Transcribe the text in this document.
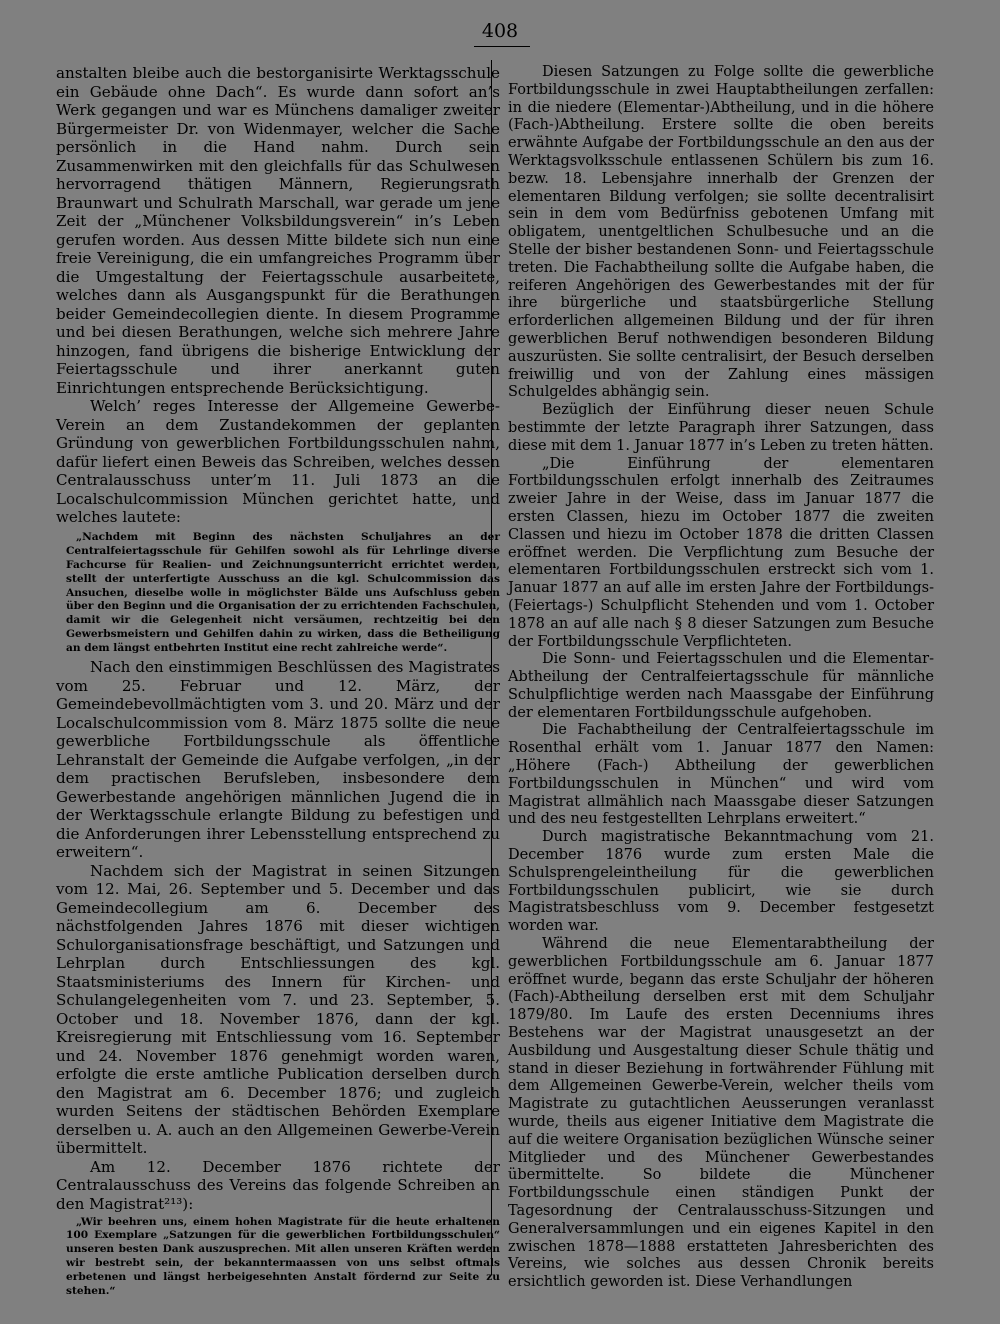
408

anstalten bleibe auch die bestorganisirte Werktagsschule ein Gebäude ohne Dach“. Es wurde dann sofort an’s Werk gegangen und war es Münchens damaliger zweiter Bürgermeister Dr. von Widenmayer, welcher die Sache persönlich in die Hand nahm. Durch sein Zusammenwirken mit den gleichfalls für das Schulwesen hervorragend thätigen Männern, Regierungsrath Braunwart und Schulrath Marschall, war gerade um jene Zeit der „Münchener Volksbildungsverein“ in’s Leben gerufen worden. Aus dessen Mitte bildete sich nun eine freie Vereinigung, die ein umfangreiches Programm über die Umgestaltung der Feiertagsschule ausarbeitete, welches dann als Ausgangspunkt für die Berathungen beider Gemeindecollegien diente. In diesem Programme und bei diesen Berathungen, welche sich mehrere Jahre hinzogen, fand übrigens die bisherige Entwicklung der Feiertagsschule und ihrer anerkannt guten Einrichtungen entsprechende Berücksichtigung.

Welch’ reges Interesse der Allgemeine Gewerbe-Verein an dem Zustandekommen der geplanten Gründung von gewerblichen Fortbildungsschulen nahm, dafür liefert einen Beweis das Schreiben, welches dessen Centralausschuss unter’m 11. Juli 1873 an die Localschulcommission München gerichtet hatte, und welches lautete:

„Nachdem mit Beginn des nächsten Schuljahres an der Centralfeiertagsschule für Gehilfen sowohl als für Lehrlinge diverse Fachcurse für Realien- und Zeichnungsunterricht errichtet werden, stellt der unterfertigte Ausschuss an die kgl. Schulcommission das Ansuchen, dieselbe wolle in möglichster Bälde uns Aufschluss geben über den Beginn und die Organisation der zu errichtenden Fachschulen, damit wir die Gelegenheit nicht versäumen, rechtzeitig bei den Gewerbsmeistern und Gehilfen dahin zu wirken, dass die Betheiligung an dem längst entbehrten Institut eine recht zahlreiche werde“.

Nach den einstimmigen Beschlüssen des Magistrates vom 25. Februar und 12. März, der Gemeindebevollmächtigten vom 3. und 20. März und der Localschulcommission vom 8. März 1875 sollte die neue gewerbliche Fortbildungsschule als öffentliche Lehranstalt der Gemeinde die Aufgabe verfolgen, „in der dem practischen Berufsleben, insbesondere dem Gewerbestande angehörigen männlichen Jugend die in der Werktagsschule erlangte Bildung zu befestigen und die Anforderungen ihrer Lebensstellung entsprechend zu erweitern“.

Nachdem sich der Magistrat in seinen Sitzungen vom 12. Mai, 26. September und 5. December und das Gemeindecollegium am 6. December des nächstfolgenden Jahres 1876 mit dieser wichtigen Schulorganisationsfrage beschäftigt, und Satzungen und Lehrplan durch Entschliessungen des kgl. Staatsministeriums des Innern für Kirchen- und Schulangelegenheiten vom 7. und 23. September, 5. October und 18. November 1876, dann der kgl. Kreisregierung mit Entschliessung vom 16. September und 24. November 1876 genehmigt worden waren, erfolgte die erste amtliche Publication derselben durch den Magistrat am 6. December 1876; und zugleich wurden Seitens der städtischen Behörden Exemplare derselben u. A. auch an den Allgemeinen Gewerbe-Verein übermittelt.

Am 12. December 1876 richtete der Centralausschuss des Vereins das folgende Schreiben an den Magistrat²¹³):

„Wir beehren uns, einem hohen Magistrate für die heute erhaltenen 100 Exemplare „Satzungen für die gewerblichen Fortbildungsschulen“ unseren besten Dank auszusprechen. Mit allen unseren Kräften werden wir bestrebt sein, der bekanntermaassen von uns selbst oftmals erbetenen und längst herbeigesehnten Anstalt fördernd zur Seite zu stehen.“

Diesen Satzungen zu Folge sollte die gewerbliche Fortbildungsschule in zwei Hauptabtheilungen zerfallen: in die niedere (Elementar-)Abtheilung, und in die höhere (Fach-)Abtheilung. Erstere sollte die oben bereits erwähnte Aufgabe der Fortbildungsschule an den aus der Werktagsvolksschule entlassenen Schülern bis zum 16. bezw. 18. Lebensjahre innerhalb der Grenzen der elementaren Bildung verfolgen; sie sollte decentralisirt sein in dem vom Bedürfniss gebotenen Umfang mit obligatem, unentgeltlichen Schulbesuche und an die Stelle der bisher bestandenen Sonn- und Feiertagsschule treten. Die Fachabtheilung sollte die Aufgabe haben, die reiferen Angehörigen des Gewerbestandes mit der für ihre bürgerliche und staatsbürgerliche Stellung erforderlichen allgemeinen Bildung und der für ihren gewerblichen Beruf nothwendigen besonderen Bildung auszurüsten. Sie sollte centralisirt, der Besuch derselben freiwillig und von der Zahlung eines mässigen Schulgeldes abhängig sein.

Bezüglich der Einführung dieser neuen Schule bestimmte der letzte Paragraph ihrer Satzungen, dass diese mit dem 1. Januar 1877 in’s Leben zu treten hätten.

„Die Einführung der elementaren Fortbildungsschulen erfolgt innerhalb des Zeitraumes zweier Jahre in der Weise, dass im Januar 1877 die ersten Classen, hiezu im October 1877 die zweiten Classen und hiezu im October 1878 die dritten Classen eröffnet werden. Die Verpflichtung zum Besuche der elementaren Fortbildungsschulen erstreckt sich vom 1. Januar 1877 an auf alle im ersten Jahre der Fortbildungs- (Feiertags-) Schulpflicht Stehenden und vom 1. October 1878 an auf alle nach § 8 dieser Satzungen zum Besuche der Fortbildungsschule Verpflichteten.

Die Sonn- und Feiertagsschulen und die Elementar-Abtheilung der Centralfeiertagsschule für männliche Schulpflichtige werden nach Maassgabe der Einführung der elementaren Fortbildungsschule aufgehoben.

Die Fachabtheilung der Centralfeiertagsschule im Rosenthal erhält vom 1. Januar 1877 den Namen: „Höhere (Fach-) Abtheilung der gewerblichen Fortbildungsschulen in München“ und wird vom Magistrat allmählich nach Maassgabe dieser Satzungen und des neu festgestellten Lehrplans erweitert.“

Durch magistratische Bekanntmachung vom 21. December 1876 wurde zum ersten Male die Schulsprengeleintheilung für die gewerblichen Fortbildungsschulen publicirt, wie sie durch Magistratsbeschluss vom 9. December festgesetzt worden war.

Während die neue Elementarabtheilung der gewerblichen Fortbildungsschule am 6. Januar 1877 eröffnet wurde, begann das erste Schuljahr der höheren (Fach)-Abtheilung derselben erst mit dem Schuljahr 1879/80. Im Laufe des ersten Decenniums ihres Bestehens war der Magistrat unausgesetzt an der Ausbildung und Ausgestaltung dieser Schule thätig und stand in dieser Beziehung in fortwährender Fühlung mit dem Allgemeinen Gewerbe-Verein, welcher theils vom Magistrate zu gutachtlichen Aeusserungen veranlasst wurde, theils aus eigener Initiative dem Magistrate die auf die weitere Organisation bezüglichen Wünsche seiner Mitglieder und des Münchener Gewerbestandes übermittelte. So bildete die Münchener Fortbildungsschule einen ständigen Punkt der Tagesordnung der Centralausschuss-Sitzungen und Generalversammlungen und ein eigenes Kapitel in den zwischen 1878—1888 erstatteten Jahresberichten des Vereins, wie solches aus dessen Chronik bereits ersichtlich geworden ist. Diese Verhandlungen
